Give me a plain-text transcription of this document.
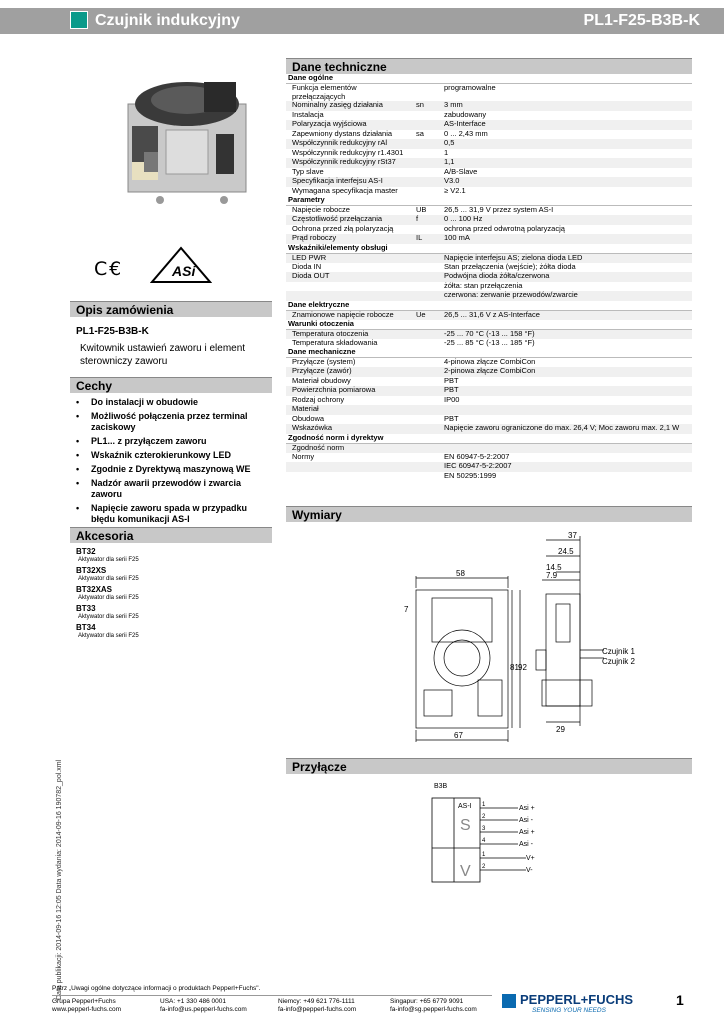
Czujnik indukcyjny	PL1-F25-B3B-K
C €	ASi
Opis zamówienia
PL1-F25-B3B-K
Kwitownik ustawień zaworu i element sterowniczy zaworu
Cechy
• Do instalacji w obudowie
• Możliwość połączenia przez terminal zaciskowy
• PL1... z przyłączem zaworu
• Wskaźnik czterokierunkowy LED
• Zgodnie z Dyrektywą maszynową WE
• Nadzór awarii przewodów i zwarcia zaworu
• Napięcie zaworu spada w przypadku błędu komunikacji AS-I
Akcesoria
BT32
Aktywator dla serii F25
BT32XS
Aktywator dla serii F25
BT32XAS
Aktywator dla serii F25
BT33
Aktywator dla serii F25
BT34
Aktywator dla serii F25
Data publikacji: 2014-09-16 12:05 Data wydania: 2014-09-16 190782_pol.xml
Dane techniczne
Dane ogólne		
Funkcja elementów przełączających		programowalne
Nominalny zasięg działania	sn	3 mm
Instalacja		zabudowany
Polaryzacja wyjściowa		AS-Interface
Zapewniony dystans działania	sa	0 ... 2,43 mm
Współczynnik redukcyjny rAl		0,5
Współczynnik redukcyjny r1.4301		1
Współczynnik redukcyjny rSt37		1,1
Typ slave		A/B-Slave
Specyfikacja interfejsu AS-I		V3.0
Wymagana specyfikacja master		≥ V2.1
Parametry		
Napięcie robocze	UB	26,5 ... 31,9 V przez system AS-I
Częstotliwość przełączania	f	0 ... 100 Hz
Ochrona przed złą polaryzacją		ochrona przed odwrotną polaryzacją
Prąd roboczy	IL	100 mA
Wskaźniki/elementy obsługi		
LED PWR		Napięcie interfejsu AS; zielona dioda LED
Dioda IN		Stan przełączenia (wejście); żółta dioda
Dioda OUT		Podwójna dioda żółta/czerwona
		żółta: stan przełączenia
		czerwona: zerwanie przewodów/zwarcie
Dane elektryczne		
Znamionowe napięcie robocze	Ue	26,5 ... 31,6 V z AS-Interface
Warunki otoczenia		
Temperatura otoczenia		-25 ... 70 °C (-13 ... 158 °F)
Temperatura składowania		-25 ... 85 °C (-13 ... 185 °F)
Dane mechaniczne		
Przyłącze (system)		4-pinowa złącze CombiCon
Przyłącze (zawór)		2-pinowa złącze CombiCon
Materiał obudowy		PBT
Powierzchnia pomiarowa		PBT
Rodzaj ochrony		IP00
Materiał		
Obudowa		PBT
Wskazówka		Napięcie zaworu ograniczone do max. 26,4 V; Moc zaworu max. 2,1 W
Zgodność norm i dyrektyw		
Zgodność norm		
Normy		EN 60947-5-2:2007
		IEC 60947-5-2:2007
		EN 50295:1999
Wymiary
37
24.5
14.5
7.9
58
7
81 92
67
29
Czujnik 1
Czujnik 2
Przyłącze
B3B
AS-I
S
V
Asi +
Asi -
Asi +
Asi -
V+
V-
1
2
3
4
1
2
Patrz „Uwagi ogólne dotyczące informacji o produktach Pepperl+Fuchs".
Grupa Pepperl+Fuchs
www.pepperl-fuchs.com
USA: +1 330 486 0001
fa-info@us.pepperl-fuchs.com
Niemcy: +49 621 776-1111
fa-info@pepperl-fuchs.com
Singapur: +65 6779 9091
fa-info@sg.pepperl-fuchs.com
PEPPERL+FUCHS
SENSING YOUR NEEDS
1
